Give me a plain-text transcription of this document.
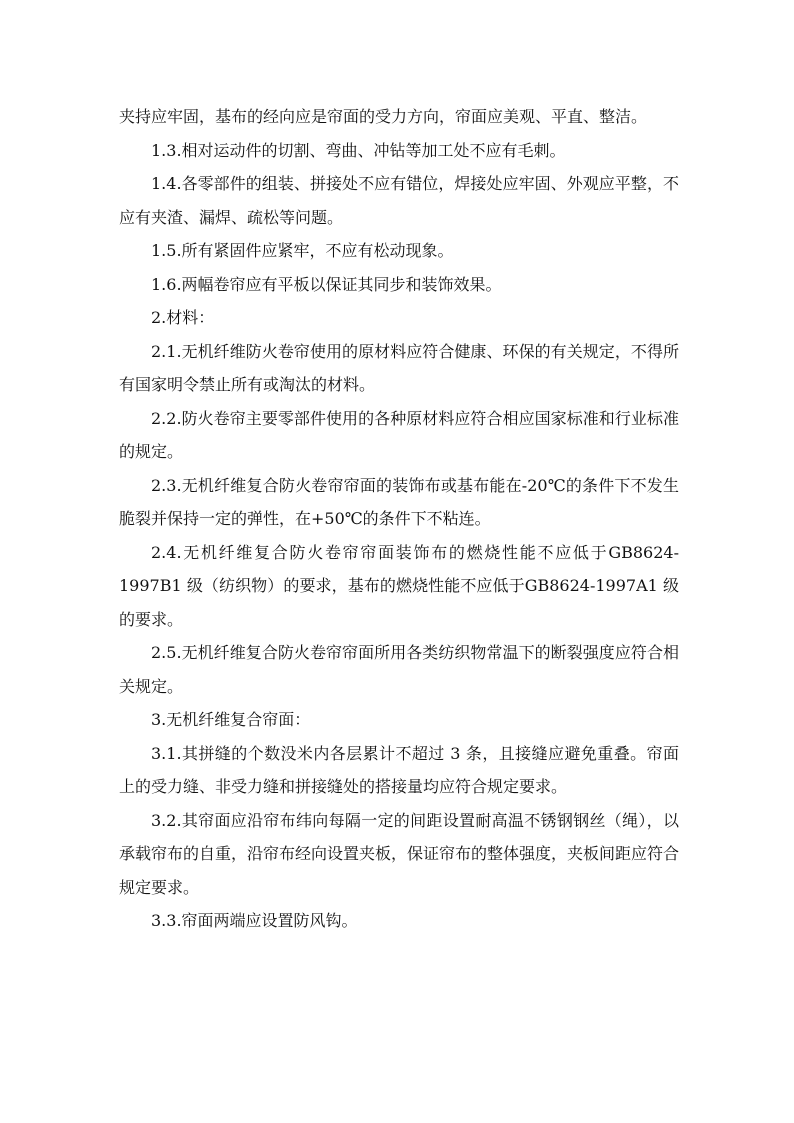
夹持应牢固，基布的经向应是帘面的受力方向，帘面应美观、平直、整洁。

1.3.相对运动件的切割、弯曲、冲钻等加工处不应有毛刺。

1.4.各零部件的组装、拼接处不应有错位，焊接处应牢固、外观应平整，不应有夹渣、漏焊、疏松等问题。

1.5.所有紧固件应紧牢，不应有松动现象。

1.6.两幅卷帘应有平板以保证其同步和装饰效果。

2.材料：

2.1.无机纤维防火卷帘使用的原材料应符合健康、环保的有关规定，不得所有国家明令禁止所有或淘汰的材料。

2.2.防火卷帘主要零部件使用的各种原材料应符合相应国家标准和行业标准的规定。

2.3.无机纤维复合防火卷帘帘面的装饰布或基布能在-20℃的条件下不发生脆裂并保持一定的弹性，在+50℃的条件下不粘连。

2.4.无机纤维复合防火卷帘帘面装饰布的燃烧性能不应低于GB8624-1997B1 级（纺织物）的要求，基布的燃烧性能不应低于GB8624-1997A1 级的要求。

2.5.无机纤维复合防火卷帘帘面所用各类纺织物常温下的断裂强度应符合相关规定。

3.无机纤维复合帘面：

3.1.其拼缝的个数没米内各层累计不超过 3 条，且接缝应避免重叠。帘面上的受力缝、非受力缝和拼接缝处的搭接量均应符合规定要求。

3.2.其帘面应沿帘布纬向每隔一定的间距设置耐高温不锈钢钢丝（绳），以承载帘布的自重，沿帘布经向设置夹板，保证帘布的整体强度，夹板间距应符合规定要求。

3.3.帘面两端应设置防风钩。
